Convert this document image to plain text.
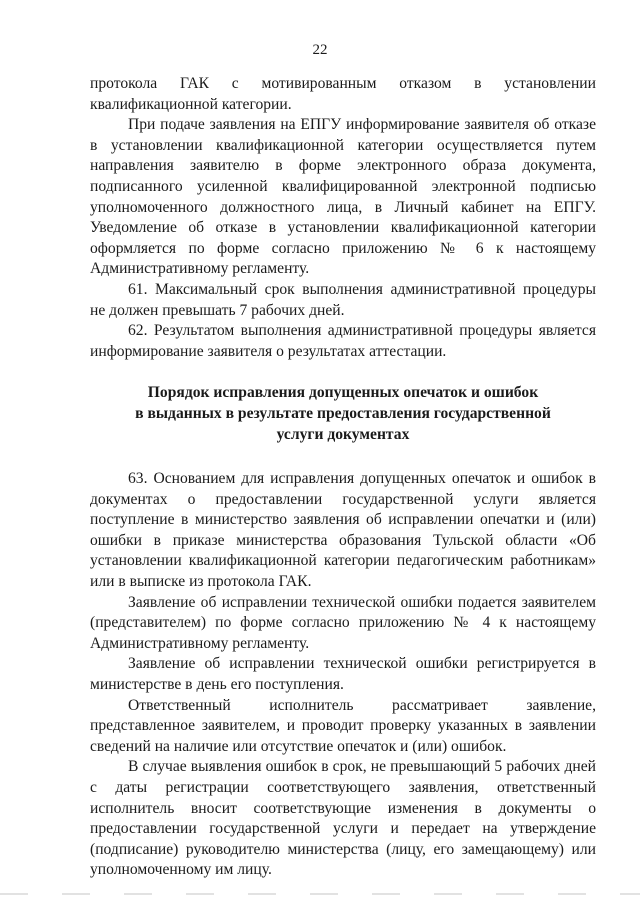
22

протокола ГАК с мотивированным отказом в установлении квалификационной категории.

При подаче заявления на ЕПГУ информирование заявителя об отказе в установлении квалификационной категории осуществляется путем направления заявителю в форме электронного образа документа, подписанного усиленной квалифицированной электронной подписью уполномоченного должностного лица, в Личный кабинет на ЕПГУ. Уведомление об отказе в установлении квалификационной категории оформляется по форме согласно приложению № 6 к настоящему Административному регламенту.

61. Максимальный срок выполнения административной процедуры не должен превышать 7 рабочих дней.

62. Результатом выполнения административной процедуры является информирование заявителя о результатах аттестации.

Порядок исправления допущенных опечаток и ошибок
в выданных в результате предоставления государственной
услуги документах

63. Основанием для исправления допущенных опечаток и ошибок в документах о предоставлении государственной услуги является поступление в министерство заявления об исправлении опечатки и (или) ошибки в приказе министерства образования Тульской области «Об установлении квалификационной категории педагогическим работникам» или в выписке из протокола ГАК.

Заявление об исправлении технической ошибки подается заявителем (представителем) по форме согласно приложению № 4 к настоящему Административному регламенту.

Заявление об исправлении технической ошибки регистрируется в министерстве в день его поступления.

Ответственный исполнитель рассматривает заявление, представленное заявителем, и проводит проверку указанных в заявлении сведений на наличие или отсутствие опечаток и (или) ошибок.

В случае выявления ошибок в срок, не превышающий 5 рабочих дней с даты регистрации соответствующего заявления, ответственный исполнитель вносит соответствующие изменения в документы о предоставлении государственной услуги и передает на утверждение (подписание) руководителю министерства (лицу, его замещающему) или уполномоченному им лицу.
